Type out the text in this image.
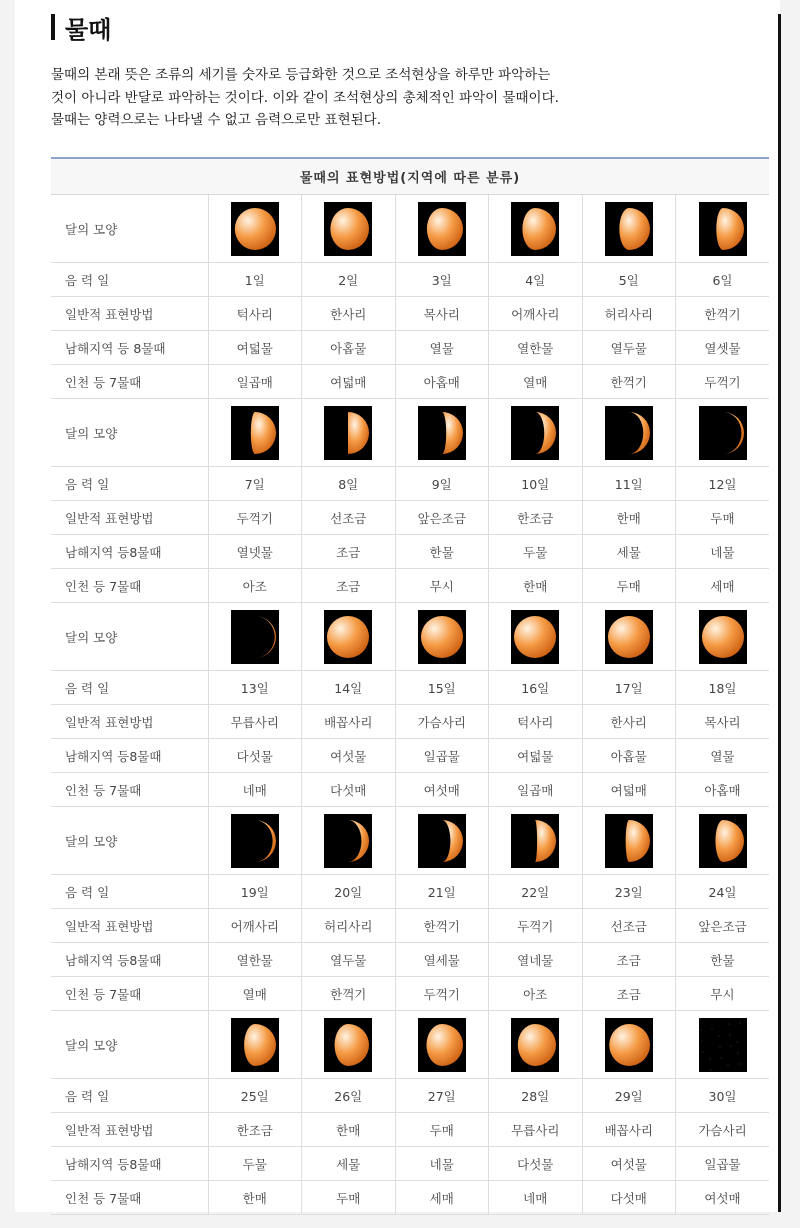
물때

물때의 본래 뜻은 조류의 세기를 숫자로 등급화한 것으로 조석현상을 하루만 파악하는

것이 아니라 반달로 파악하는 것이다. 이와 같이 조석현상의 총체적인 파악이 물때이다.

물때는 양력으로는 나타낼 수 없고 음력으로만 표현된다.

물때의 표현방법(지역에 따른 분류)						
달의 모양	

음 력 일	1일	2일	3일	4일	5일	6일
일반적 표현방법	턱사리	한사리	목사리	어깨사리	허리사리	한꺽기
남해지역 등 8물때	여덟물	아홉물	열물	열한물	열두물	열셋물
인천 등 7물때	일곱매	여덟매	아홉매	열매	한꺽기	두꺽기
달의 모양	

음 력 일	7일	8일	9일	10일	11일	12일
일반적 표현방법	두꺽기	선조금	앞은조금	한조금	한매	두매
남해지역 등8물때	열넷물	조금	한물	두물	세물	네물
인천 등 7물때	아조	조금	무시	한매	두매	세매
달의 모양	

음 력 일	13일	14일	15일	16일	17일	18일
일반적 표현방법	무릅사리	배꼽사리	가슴사리	턱사리	한사리	목사리
남해지역 등8물때	다섯물	여섯물	일곱물	여덟물	아홉물	열물
인천 등 7물때	네매	다섯매	여섯매	일곱매	여덟매	아홉매
달의 모양	

음 력 일	19일	20일	21일	22일	23일	24일
일반적 표현방법	어깨사리	허리사리	한꺽기	두꺽기	선조금	앞은조금
남해지역 등8물때	열한물	열두물	열세물	열네물	조금	한물
인천 등 7물때	열매	한꺽기	두꺽기	아조	조금	무시
달의 모양	

음 력 일	25일	26일	27일	28일	29일	30일
일반적 표현방법	한조금	한매	두매	무릅사리	배꼽사리	가슴사리
남해지역 등8물때	두물	세물	네물	다섯물	여섯물	일곱물
인천 등 7물때	한매	두매	세매	네매	다섯매	여섯매
